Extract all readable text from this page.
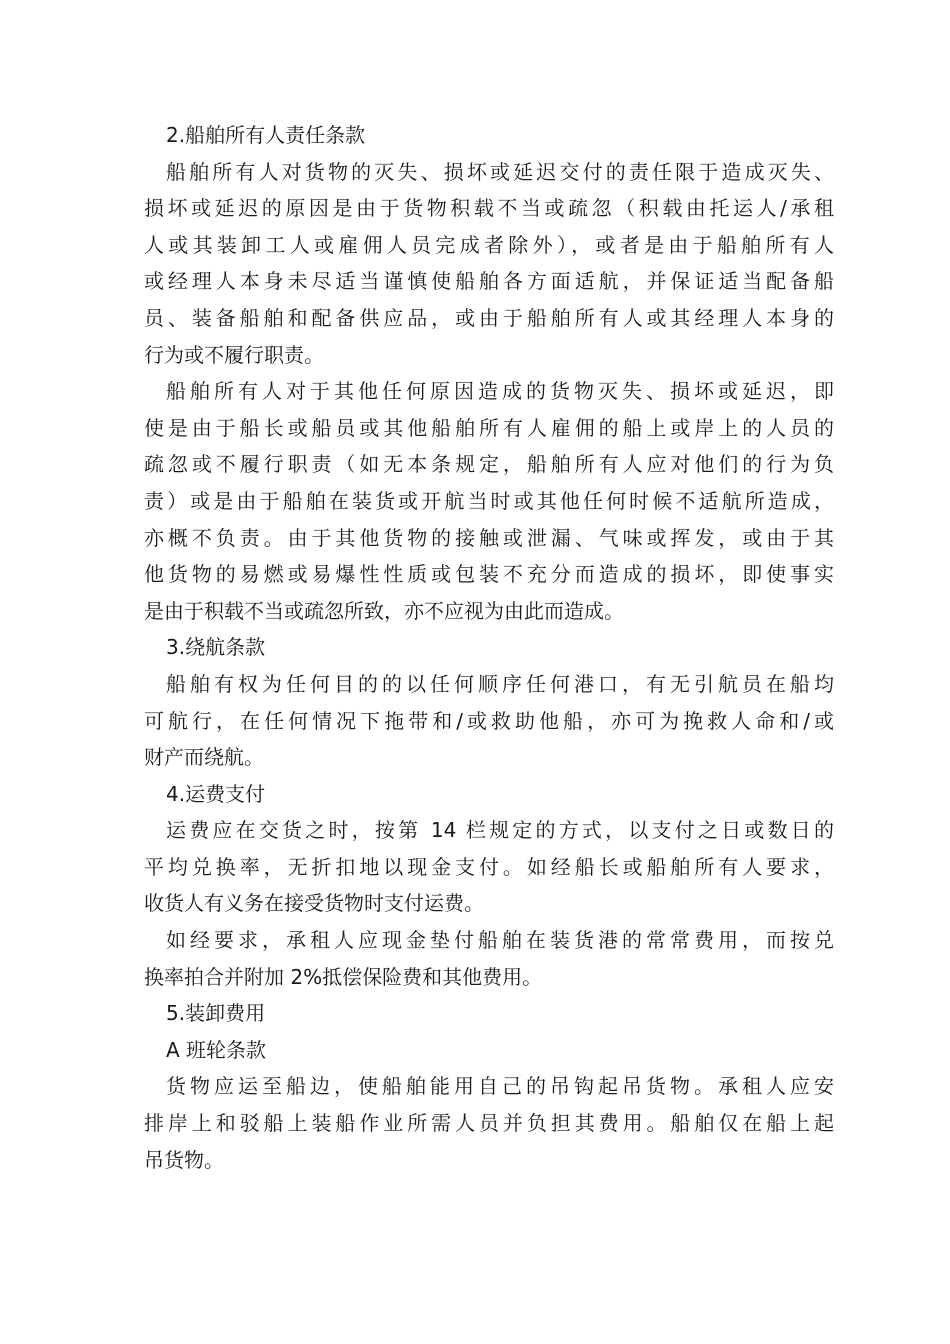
2.船舶所有人责任条款
船舶所有人对货物的灭失、损坏或延迟交付的责任限于造成灭失、
损坏或延迟的原因是由于货物积载不当或疏忽（积载由托运人/承租
人或其装卸工人或雇佣人员完成者除外），或者是由于船舶所有人
或经理人本身未尽适当谨慎使船舶各方面适航，并保证适当配备船
员、装备船舶和配备供应品，或由于船舶所有人或其经理人本身的
行为或不履行职责。
船舶所有人对于其他任何原因造成的货物灭失、损坏或延迟，即
使是由于船长或船员或其他船舶所有人雇佣的船上或岸上的人员的
疏忽或不履行职责（如无本条规定，船舶所有人应对他们的行为负
责）或是由于船舶在装货或开航当时或其他任何时候不适航所造成，
亦概不负责。由于其他货物的接触或泄漏、气味或挥发，或由于其
他货物的易燃或易爆性性质或包装不充分而造成的损坏，即使事实
是由于积载不当或疏忽所致，亦不应视为由此而造成。
3.绕航条款
船舶有权为任何目的的以任何顺序任何港口，有无引航员在船均
可航行，在任何情况下拖带和/或救助他船，亦可为挽救人命和/或
财产而绕航。
4.运费支付
运费应在交货之时，按第 14 栏规定的方式，以支付之日或数日的
平均兑换率，无折扣地以现金支付。如经船长或船舶所有人要求，
收货人有义务在接受货物时支付运费。
如经要求，承租人应现金垫付船舶在装货港的常常费用，而按兑
换率拍合并附加 2%抵偿保险费和其他费用。
5.装卸费用
A 班轮条款
货物应运至船边，使船舶能用自己的吊钩起吊货物。承租人应安
排岸上和驳船上装船作业所需人员并负担其费用。船舶仅在船上起
吊货物。
